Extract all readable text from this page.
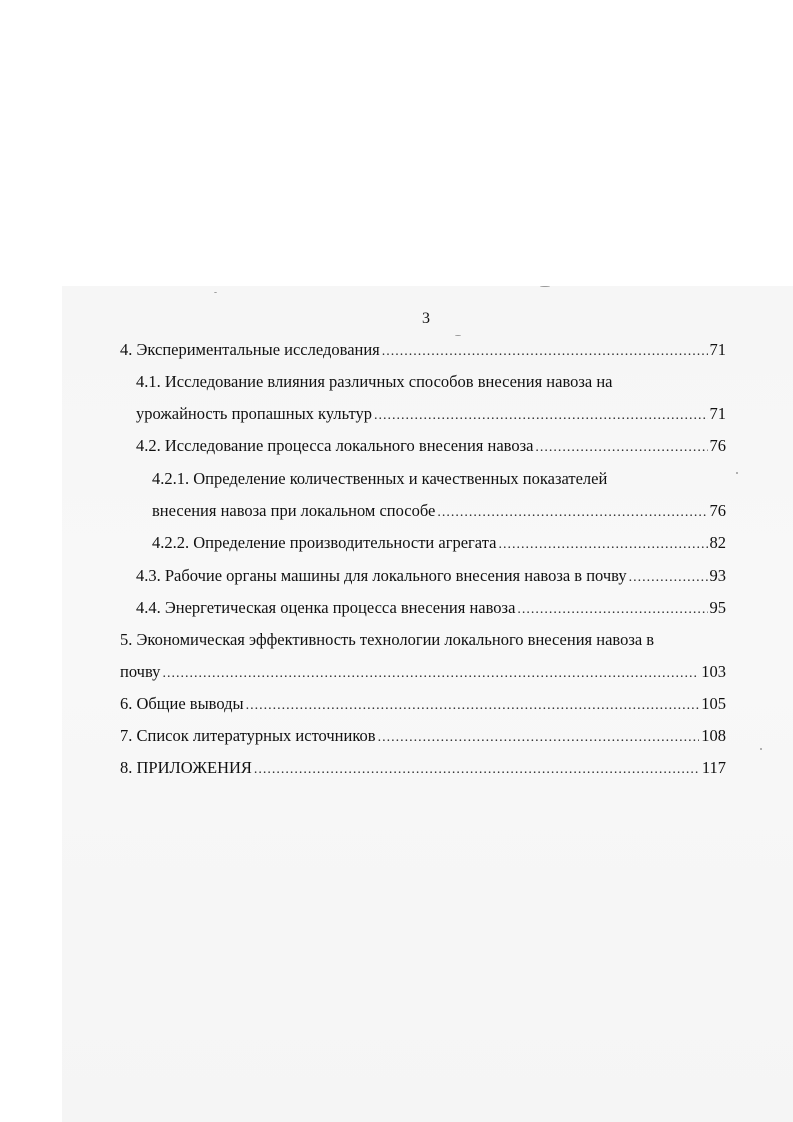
3
4. Экспериментальные исследования .....	71
4.1. Исследование влияния различных способов внесения навоза на
урожайность пропашных культур .....	71
4.2. Исследование процесса локального внесения навоза .....	76
4.2.1. Определение количественных и качественных показателей
внесения навоза при локальном способе .....	76
4.2.2. Определение производительности агрегата .....	82
4.3. Рабочие органы машины для локального внесения навоза в почву .....	93
4.4. Энергетическая оценка процесса внесения навоза .....	95
5. Экономическая эффективность технологии локального внесения навоза в
почву .....	103
6. Общие выводы .....	105
7. Список литературных источников .....	108
8. ПРИЛОЖЕНИЯ .....	117
